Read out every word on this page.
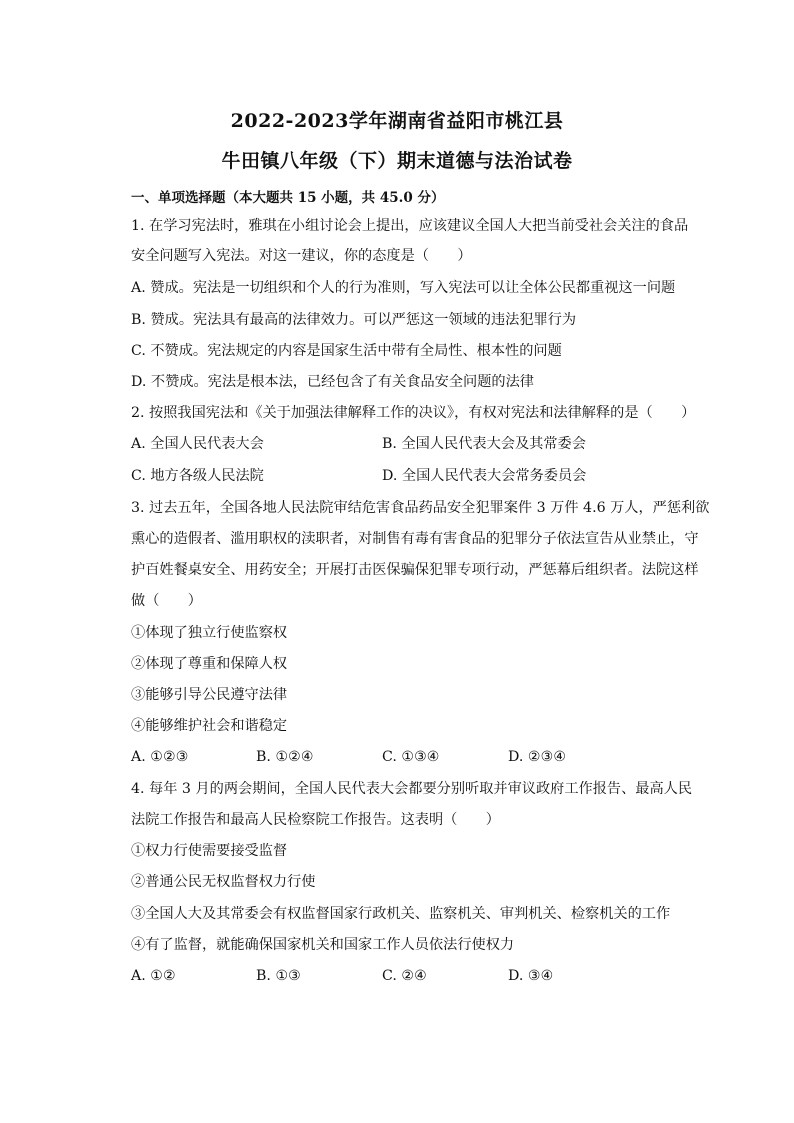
2022-2023学年湖南省益阳市桃江县
牛田镇八年级（下）期末道德与法治试卷
一、单项选择题（本大题共 15 小题，共 45.0 分）
1. 在学习宪法时，雅琪在小组讨论会上提出，应该建议全国人大把当前受社会关注的食品
安全问题写入宪法。对这一建议，你的态度是（　　）
A. 赞成。宪法是一切组织和个人的行为准则，写入宪法可以让全体公民都重视这一问题
B. 赞成。宪法具有最高的法律效力。可以严惩这一领域的违法犯罪行为
C. 不赞成。宪法规定的内容是国家生活中带有全局性、根本性的问题
D. 不赞成。宪法是根本法，已经包含了有关食品安全问题的法律
2. 按照我国宪法和《关于加强法律解释工作的决议》，有权对宪法和法律解释的是（　　）
A. 全国人民代表大会	B. 全国人民代表大会及其常委会
C. 地方各级人民法院	D. 全国人民代表大会常务委员会
3. 过去五年，全国各地人民法院审结危害食品药品安全犯罪案件 3 万件 4.6 万人，严惩利欲
熏心的造假者、滥用职权的渎职者，对制售有毒有害食品的犯罪分子依法宣告从业禁止，守
护百姓餐桌安全、用药安全；开展打击医保骗保犯罪专项行动，严惩幕后组织者。法院这样
做（　　）
①体现了独立行使监察权
②体现了尊重和保障人权
③能够引导公民遵守法律
④能够维护社会和谐稳定
A. ①②③	B. ①②④	C. ①③④	D. ②③④
4. 每年 3 月的两会期间，全国人民代表大会都要分别听取并审议政府工作报告、最高人民
法院工作报告和最高人民检察院工作报告。这表明（　　）
①权力行使需要接受监督
②普通公民无权监督权力行使
③全国人大及其常委会有权监督国家行政机关、监察机关、审判机关、检察机关的工作
④有了监督，就能确保国家机关和国家工作人员依法行使权力
A. ①②	B. ①③	C. ②④	D. ③④
